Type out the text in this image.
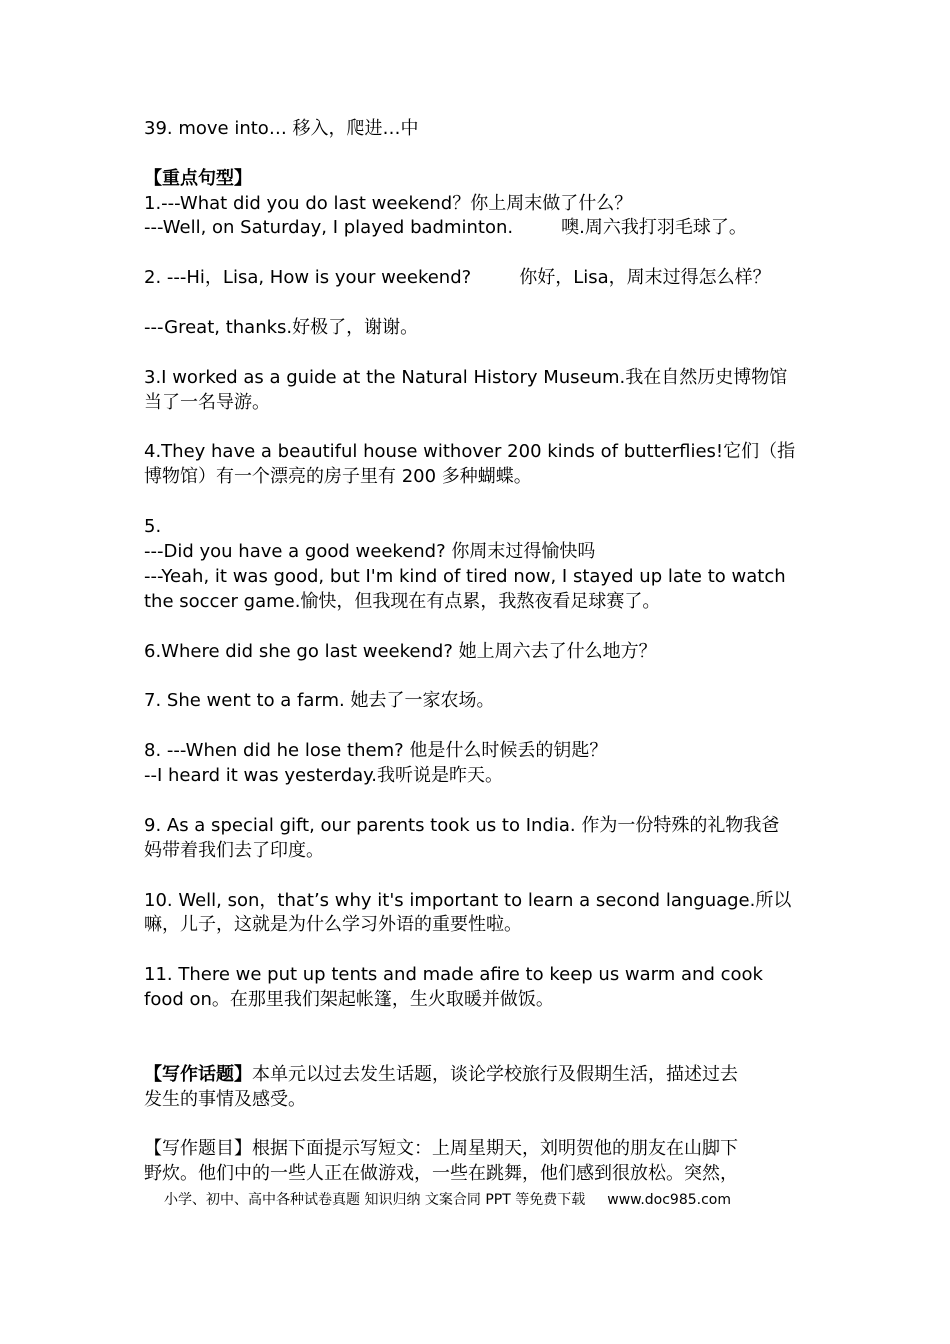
39. move into… 移入，爬进…中
【重点句型】
1.---What did you do last weekend？你上周末做了什么？
---Well, on Saturday, I played badminton.	噢.周六我打羽毛球了。
2. ---Hi，Lisa, How is your weekend?	你好，Lisa，周末过得怎么样？
---Great, thanks.好极了，谢谢。
3.I worked as a guide at the Natural History Museum.我在自然历史博物馆
当了一名导游。
4.They have a beautiful house withover 200 kinds of butterflies!它们（指
博物馆）有一个漂亮的房子里有 200 多种蝴蝶。
5.
---Did you have a good weekend? 你周末过得愉快吗
---Yeah, it was good, but I'm kind of tired now, I stayed up late to watch
the soccer game.愉快，但我现在有点累，我熬夜看足球赛了。
6.Where did she go last weekend? 她上周六去了什么地方？
7. She went to a farm. 她去了一家农场。
8. ---When did he lose them? 他是什么时候丢的钥匙？
--I heard it was yesterday.我听说是昨天。
9. As a special gift, our parents took us to India. 作为一份特殊的礼物我爸
妈带着我们去了印度。
10. Well, son，that’s why it's important to learn a second language.所以
嘛，儿子，这就是为什么学习外语的重要性啦。
11. There we put up tents and made afire to keep us warm and cook
food on。在那里我们架起帐篷，生火取暖并做饭。
【写作话题】本单元以过去发生话题，谈论学校旅行及假期生活，描述过去
发生的事情及感受。
【写作题目】根据下面提示写短文：上周星期天，刘明贺他的朋友在山脚下
野炊。他们中的一些人正在做游戏，一些在跳舞，他们感到很放松。突然，
小学、初中、高中各种试卷真题 知识归纳 文案合同 PPT 等免费下载 www.doc985.com
